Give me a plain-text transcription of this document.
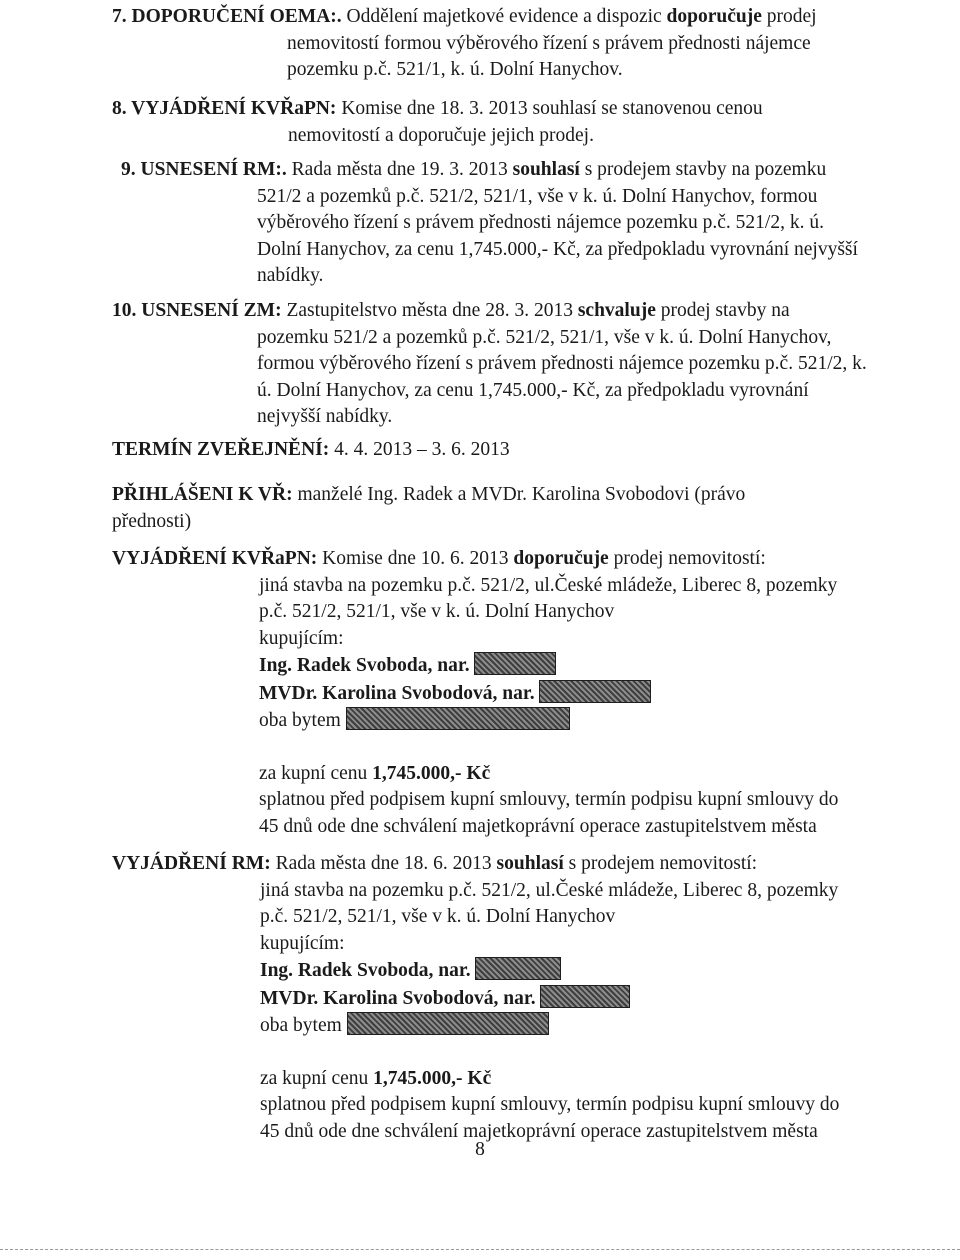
7. DOPORUČENÍ OEMA:. Oddělení majetkové evidence a dispozic doporučuje prodej

nemovitostí formou výběrového řízení s právem přednosti nájemce

pozemku p.č. 521/1, k. ú. Dolní Hanychov.

8. VYJÁDŘENÍ KVŘaPN: Komise dne 18. 3. 2013 souhlasí se stanovenou cenou

nemovitostí a doporučuje jejich prodej.

9. USNESENÍ RM:. Rada města dne 19. 3. 2013 souhlasí s prodejem stavby na pozemku

521/2 a pozemků p.č. 521/2, 521/1, vše v k. ú. Dolní Hanychov, formou

výběrového řízení s právem přednosti nájemce pozemku p.č. 521/2, k. ú.

Dolní Hanychov, za cenu 1,745.000,- Kč, za předpokladu vyrovnání nejvyšší

nabídky.

10. USNESENÍ ZM: Zastupitelstvo města dne 28. 3. 2013 schvaluje prodej stavby na

pozemku 521/2 a pozemků p.č. 521/2, 521/1, vše v k. ú. Dolní Hanychov,

formou výběrového řízení s právem přednosti nájemce pozemku p.č. 521/2, k.

ú. Dolní Hanychov, za cenu 1,745.000,- Kč, za předpokladu vyrovnání

nejvyšší nabídky.

TERMÍN ZVEŘEJNĚNÍ: 4. 4. 2013 – 3. 6. 2013

PŘIHLÁŠENI K VŘ: manželé Ing. Radek a MVDr. Karolina Svobodovi (právo

přednosti)

VYJÁDŘENÍ KVŘaPN: Komise dne 10. 6. 2013 doporučuje prodej nemovitostí:

jiná stavba na pozemku p.č. 521/2, ul.České mládeže, Liberec 8, pozemky

p.č. 521/2, 521/1, vše v k. ú. Dolní Hanychov

kupujícím:

Ing. Radek Svoboda, nar.

MVDr. Karolina Svobodová, nar.

oba bytem

za kupní cenu 1,745.000,- Kč

splatnou před podpisem kupní smlouvy, termín podpisu kupní smlouvy do

45 dnů ode dne schválení majetkoprávní operace zastupitelstvem města

VYJÁDŘENÍ RM: Rada města dne 18. 6. 2013 souhlasí s prodejem nemovitostí:

jiná stavba na pozemku p.č. 521/2, ul.České mládeže, Liberec 8, pozemky

p.č. 521/2, 521/1, vše v k. ú. Dolní Hanychov

kupujícím:

Ing. Radek Svoboda, nar.

MVDr. Karolina Svobodová, nar.

oba bytem

za kupní cenu 1,745.000,- Kč

splatnou před podpisem kupní smlouvy, termín podpisu kupní smlouvy do

45 dnů ode dne schválení majetkoprávní operace zastupitelstvem města

8
